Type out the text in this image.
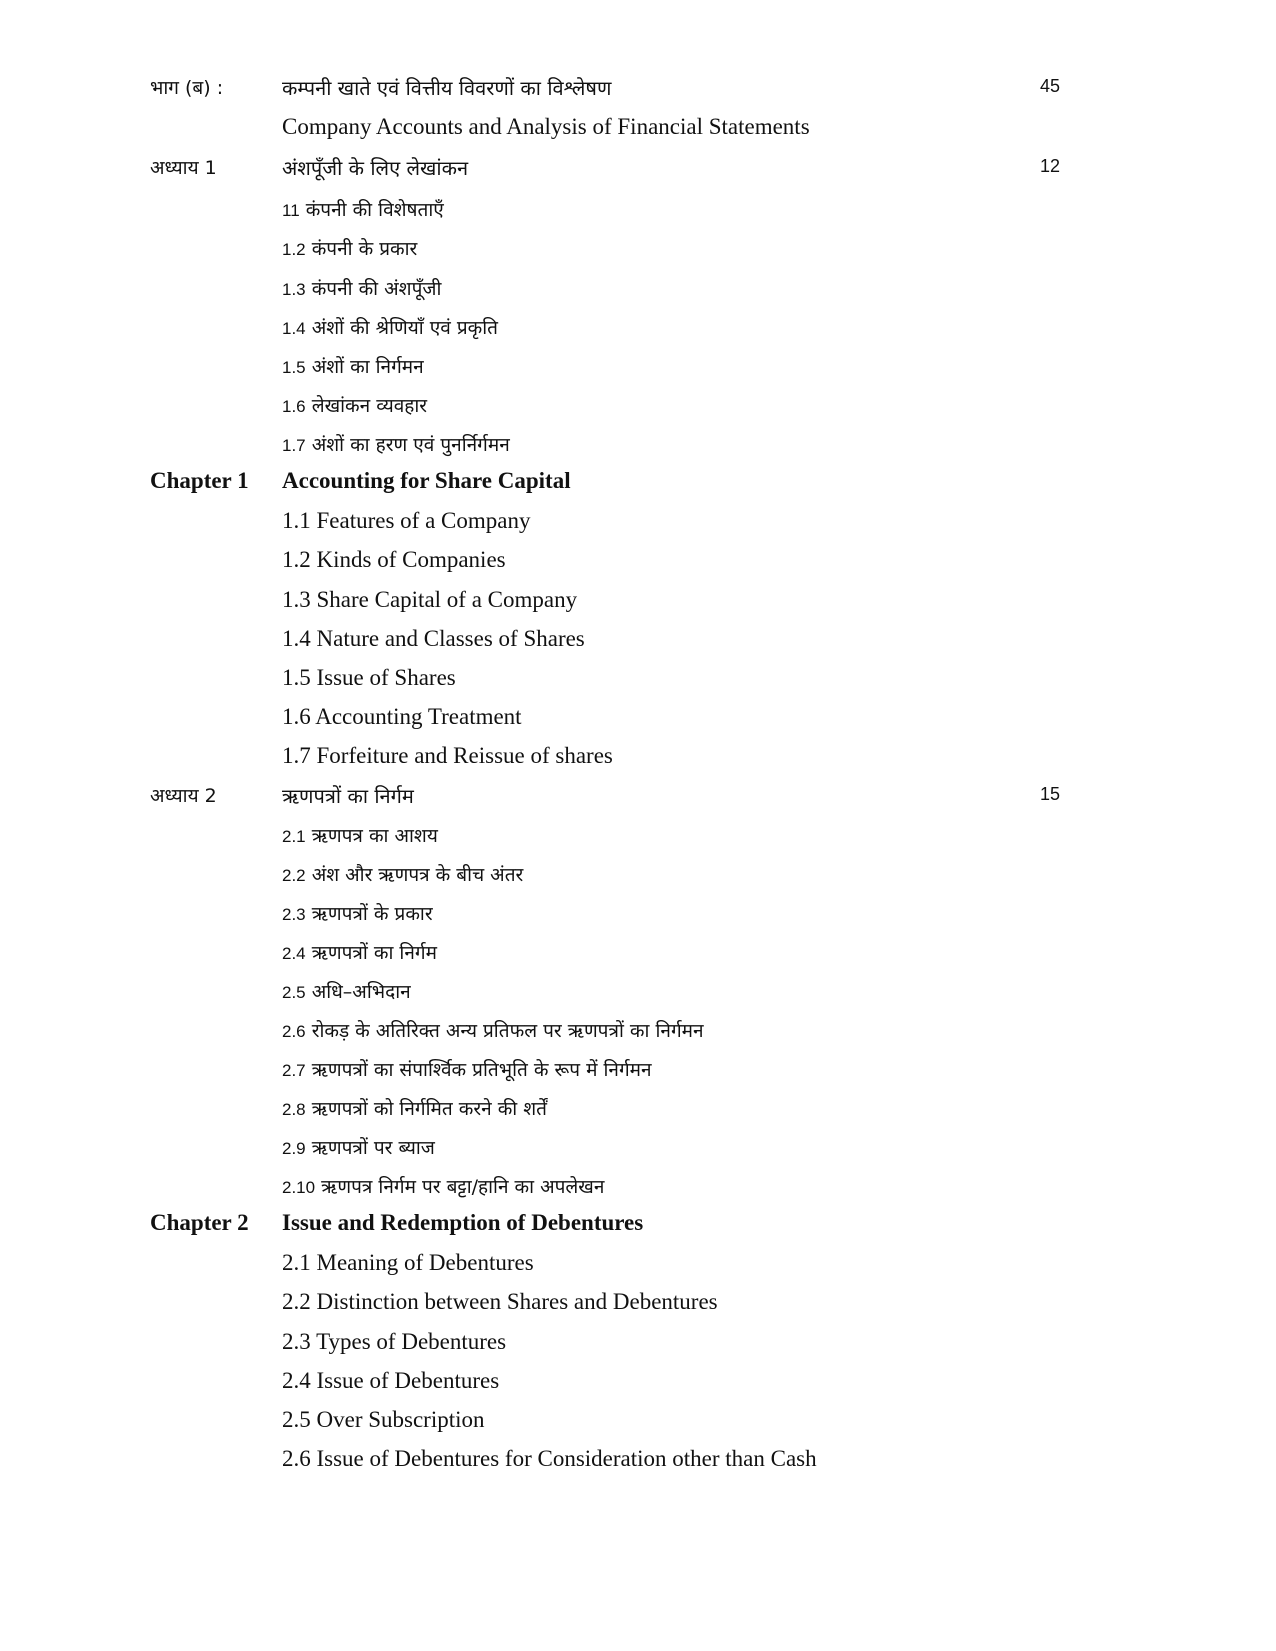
भाग (ब) :	कम्पनी खाते एवं वित्तीय विवरणों का विश्लेषण	45
Company Accounts and Analysis of Financial Statements
अध्याय 1	अंशपूँजी के लिए लेखांकन	12
11 कंपनी की विशेषताएँ
1.2 कंपनी के प्रकार
1.3 कंपनी की अंशपूँजी
1.4 अंशों की श्रेणियाँ एवं प्रकृति
1.5 अंशों का निर्गमन
1.6 लेखांकन व्यवहार
1.7 अंशों का हरण एवं पुनर्निर्गमन
Chapter 1 Accounting for Share Capital
1.1 Features of a Company
1.2 Kinds of Companies
1.3 Share Capital of a Company
1.4 Nature and Classes of Shares
1.5 Issue of Shares
1.6 Accounting Treatment
1.7 Forfeiture and Reissue of shares
अध्याय 2	ऋणपत्रों का निर्गम	15
2.1 ऋणपत्र का आशय
2.2 अंश और ऋणपत्र के बीच अंतर
2.3 ऋणपत्रों के प्रकार
2.4 ऋणपत्रों का निर्गम
2.5 अधि–अभिदान
2.6 रोकड़ के अतिरिक्त अन्य प्रतिफल पर ऋणपत्रों का निर्गमन
2.7 ऋणपत्रों का संपार्श्विक प्रतिभूति के रूप में निर्गमन
2.8 ऋणपत्रों को निर्गमित करने की शर्तें
2.9 ऋणपत्रों पर ब्याज
2.10 ऋणपत्र निर्गम पर बट्टा/हानि का अपलेखन
Chapter 2 Issue and Redemption of Debentures
2.1 Meaning of Debentures
2.2 Distinction between Shares and Debentures
2.3 Types of Debentures
2.4 Issue of Debentures
2.5 Over Subscription
2.6 Issue of Debentures for Consideration other than Cash
